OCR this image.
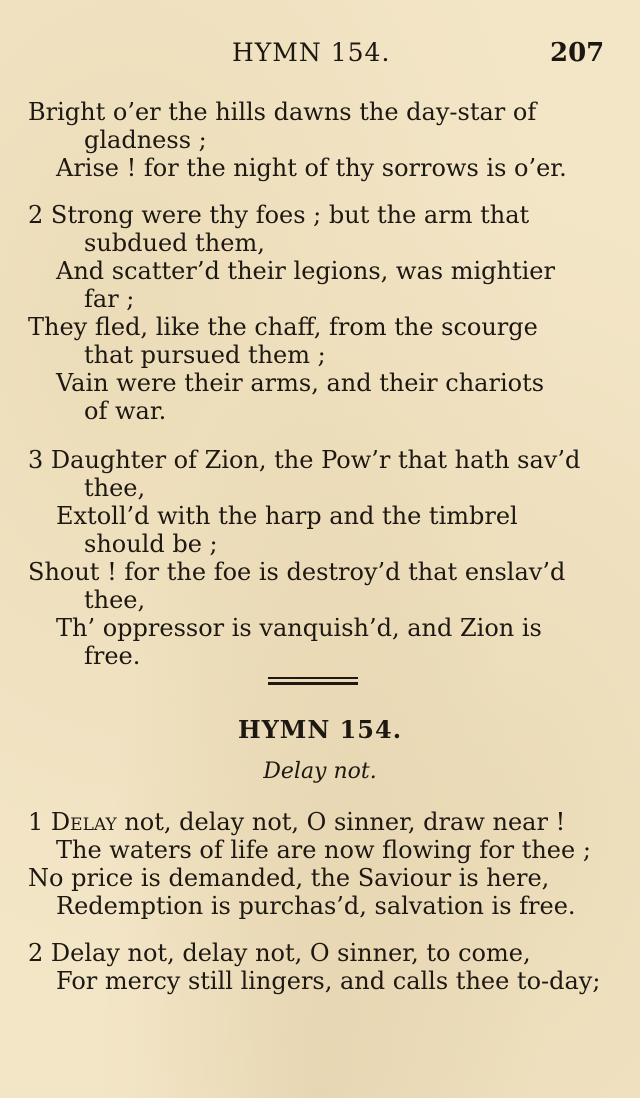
HYMN 154.	207
Bright o’er the hills dawns the day-star of
gladness ;
Arise ! for the night of thy sorrows is o’er.
2 Strong were thy foes ; but the arm that
subdued them,
And scatter’d their legions, was mightier
far ;
They fled, like the chaff, from the scourge
that pursued them ;
Vain were their arms, and their chariots
of war.
3 Daughter of Zion, the Pow’r that hath sav’d
thee,
Extoll’d with the harp and the timbrel
should be ;
Shout ! for the foe is destroy’d that enslav’d
thee,
Th’ oppressor is vanquish’d, and Zion is
free.
HYMN 154.
Delay not.
1 Delay not, delay not, O sinner, draw near !
The waters of life are now flowing for thee ;
No price is demanded, the Saviour is here,
Redemption is purchas’d, salvation is free.
2 Delay not, delay not, O sinner, to come,
For mercy still lingers, and calls thee to-day;
